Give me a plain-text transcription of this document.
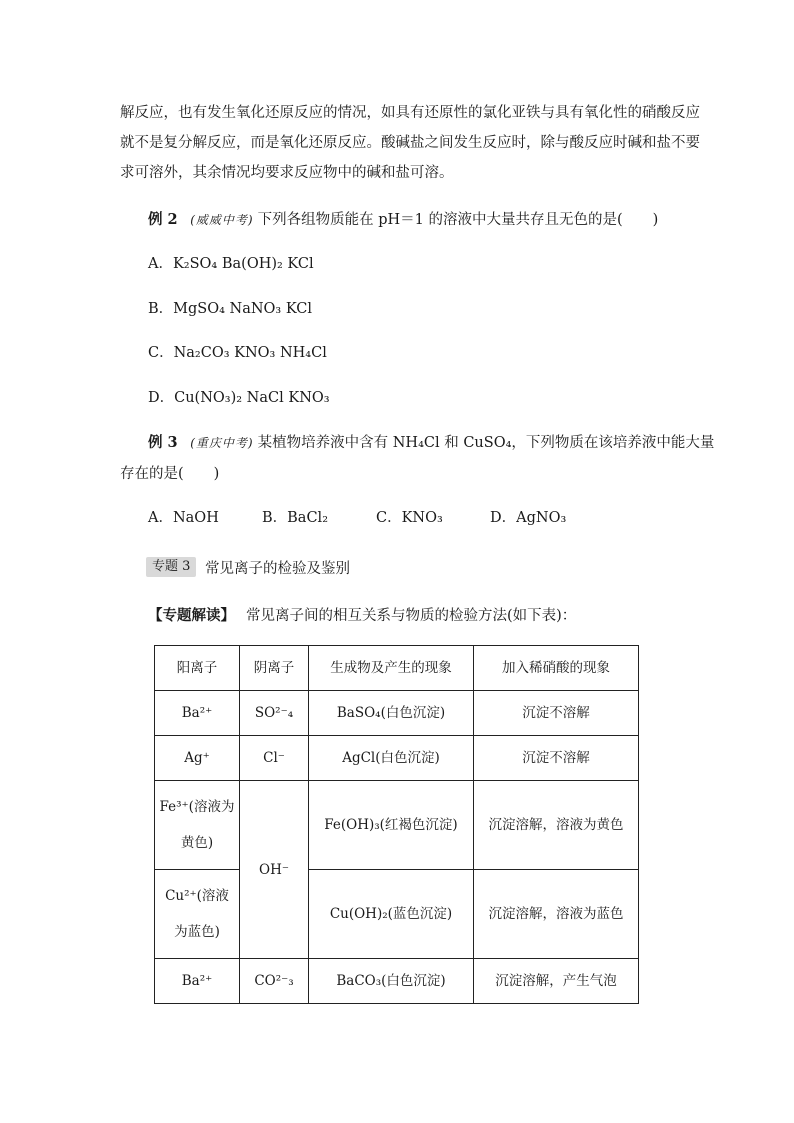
解反应，也有发生氧化还原反应的情况，如具有还原性的氯化亚铁与具有氧化性的硝酸反应
就不是复分解反应，而是氧化还原反应。酸碱盐之间发生反应时，除与酸反应时碱和盐不要
求可溶外，其余情况均要求反应物中的碱和盐可溶。
例 2 (威威中考) 下列各组物质能在 pH＝1 的溶液中大量共存且无色的是( )
A．K₂SO₄ Ba(OH)₂ KCl
B．MgSO₄ NaNO₃ KCl
C．Na₂CO₃ KNO₃ NH₄Cl
D．Cu(NO₃)₂ NaCl KNO₃
例 3 (重庆中考) 某植物培养液中含有 NH₄Cl 和 CuSO₄，下列物质在该培养液中能大量
存在的是( )
A．NaOH	B．BaCl₂	C．KNO₃	D．AgNO₃
专题 3	常见离子的检验及鉴别
【专题解读】 常见离子间的相互关系与物质的检验方法(如下表)：
阳离子	阴离子	生成物及产生的现象	加入稀硝酸的现象
Ba²⁺	SO²⁻₄	BaSO₄(白色沉淀)	沉淀不溶解
Ag⁺	Cl⁻	AgCl(白色沉淀)	沉淀不溶解
Fe³⁺(溶液为黄色)	OH⁻	Fe(OH)₃(红褐色沉淀)	沉淀溶解，溶液为黄色
Cu²⁺(溶液为蓝色)		Cu(OH)₂(蓝色沉淀)	沉淀溶解，溶液为蓝色
Ba²⁺	CO²⁻₃	BaCO₃(白色沉淀)	沉淀溶解，产生气泡
